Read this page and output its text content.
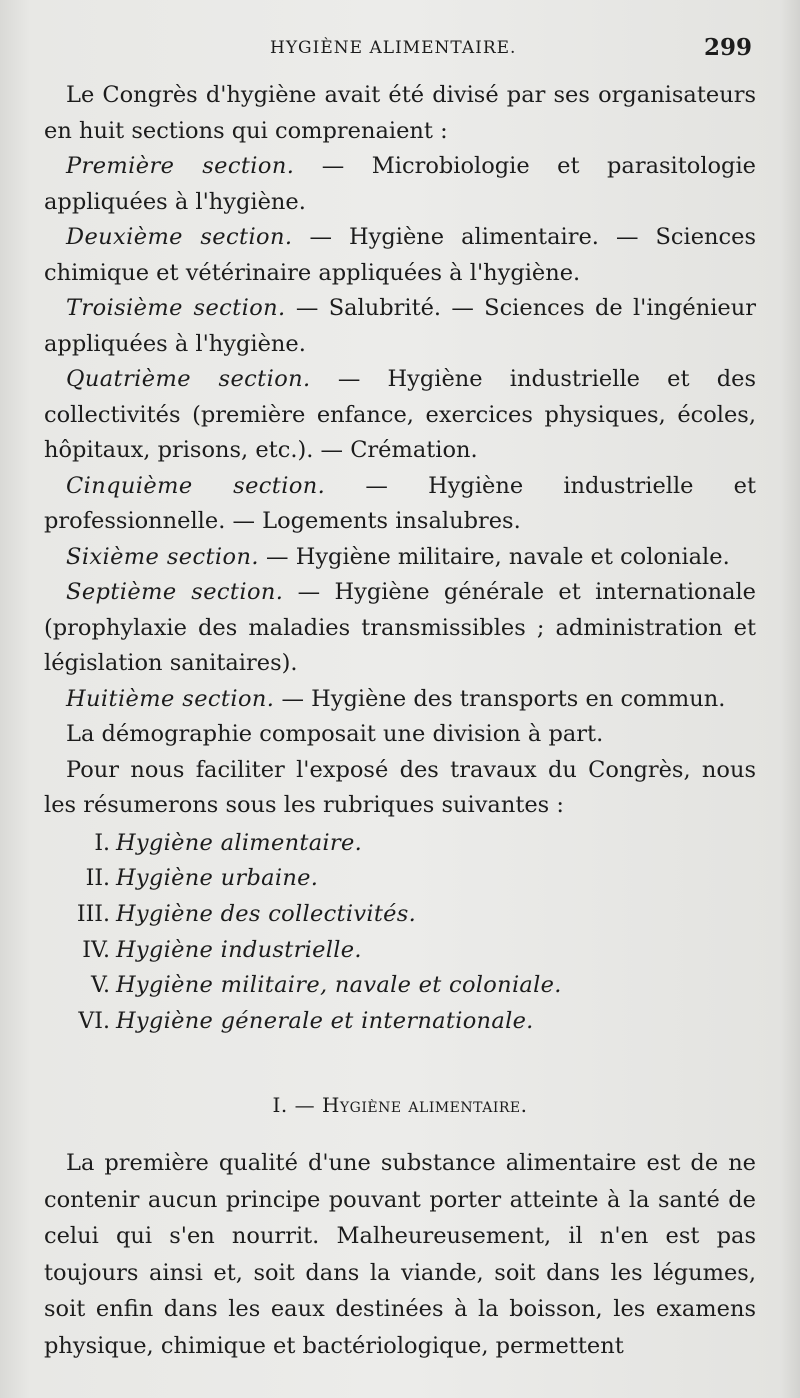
HYGIÈNE ALIMENTAIRE.	299

Le Congrès d'hygiène avait été divisé par ses organisateurs en huit sections qui comprenaient :

Première section. — Microbiologie et parasitologie appliquées à l'hygiène.

Deuxième section. — Hygiène alimentaire. — Sciences chimique et vétérinaire appliquées à l'hygiène.

Troisième section. — Salubrité. — Sciences de l'ingénieur appliquées à l'hygiène.

Quatrième section. — Hygiène industrielle et des collectivités (première enfance, exercices physiques, écoles, hôpitaux, prisons, etc.). — Crémation.

Cinquième section. — Hygiène industrielle et professionnelle. — Logements insalubres.

Sixième section. — Hygiène militaire, navale et coloniale.

Septième section. — Hygiène générale et internationale (prophylaxie des maladies transmissibles ; administration et législation sanitaires).

Huitième section. — Hygiène des transports en commun.

La démographie composait une division à part.

Pour nous faciliter l'exposé des travaux du Congrès, nous les résumerons sous les rubriques suivantes :

I. Hygiène alimentaire.
II. Hygiène urbaine.
III. Hygiène des collectivités.
IV. Hygiène industrielle.
V. Hygiène militaire, navale et coloniale.
VI. Hygiène génerale et internationale.
I. — Hygiène alimentaire.

La première qualité d'une substance alimentaire est de ne contenir aucun principe pouvant porter atteinte à la santé de celui qui s'en nourrit. Malheureusement, il n'en est pas toujours ainsi et, soit dans la viande, soit dans les légumes, soit enfin dans les eaux destinées à la boisson, les examens physique, chimique et bactériologique, permettent
